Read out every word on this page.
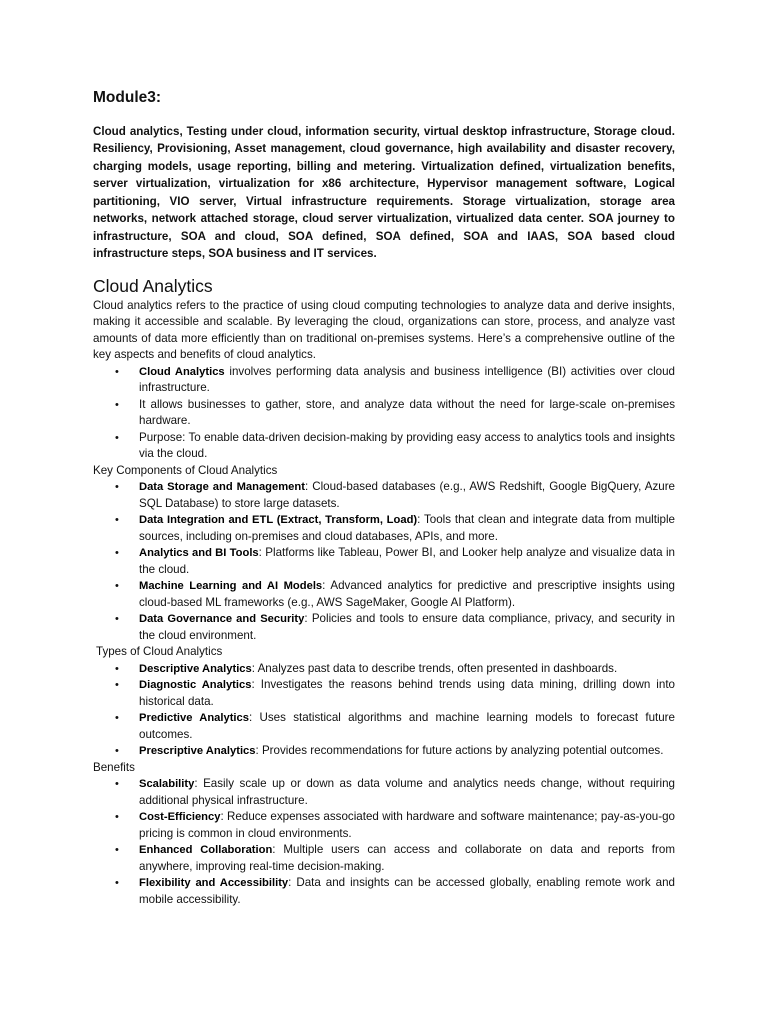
Module3:

Cloud analytics, Testing under cloud, information security, virtual desktop infrastructure, Storage cloud. Resiliency, Provisioning, Asset management, cloud governance, high availability and disaster recovery, charging models, usage reporting, billing and metering. Virtualization defined, virtualization benefits, server virtualization, virtualization for x86 architecture, Hypervisor management software, Logical partitioning, VIO server, Virtual infrastructure requirements. Storage virtualization, storage area networks, network attached storage, cloud server virtualization, virtualized data center. SOA journey to infrastructure, SOA and cloud, SOA defined, SOA defined, SOA and IAAS, SOA based cloud infrastructure steps, SOA business and IT services.

Cloud Analytics

Cloud analytics refers to the practice of using cloud computing technologies to analyze data and derive insights, making it accessible and scalable. By leveraging the cloud, organizations can store, process, and analyze vast amounts of data more efficiently than on traditional on-premises systems. Here’s a comprehensive outline of the key aspects and benefits of cloud analytics.

• Cloud Analytics involves performing data analysis and business intelligence (BI) activities over cloud infrastructure.
• It allows businesses to gather, store, and analyze data without the need for large-scale on-premises hardware.
• Purpose: To enable data-driven decision-making by providing easy access to analytics tools and insights via the cloud.
Key Components of Cloud Analytics
• Data Storage and Management: Cloud-based databases (e.g., AWS Redshift, Google BigQuery, Azure SQL Database) to store large datasets.
• Data Integration and ETL (Extract, Transform, Load): Tools that clean and integrate data from multiple sources, including on-premises and cloud databases, APIs, and more.
• Analytics and BI Tools: Platforms like Tableau, Power BI, and Looker help analyze and visualize data in the cloud.
• Machine Learning and AI Models: Advanced analytics for predictive and prescriptive insights using cloud-based ML frameworks (e.g., AWS SageMaker, Google AI Platform).
• Data Governance and Security: Policies and tools to ensure data compliance, privacy, and security in the cloud environment.
Types of Cloud Analytics
• Descriptive Analytics: Analyzes past data to describe trends, often presented in dashboards.
• Diagnostic Analytics: Investigates the reasons behind trends using data mining, drilling down into historical data.
• Predictive Analytics: Uses statistical algorithms and machine learning models to forecast future outcomes.
• Prescriptive Analytics: Provides recommendations for future actions by analyzing potential outcomes.
Benefits
• Scalability: Easily scale up or down as data volume and analytics needs change, without requiring additional physical infrastructure.
• Cost-Efficiency: Reduce expenses associated with hardware and software maintenance; pay-as-you-go pricing is common in cloud environments.
• Enhanced Collaboration: Multiple users can access and collaborate on data and reports from anywhere, improving real-time decision-making.
• Flexibility and Accessibility: Data and insights can be accessed globally, enabling remote work and mobile accessibility.
